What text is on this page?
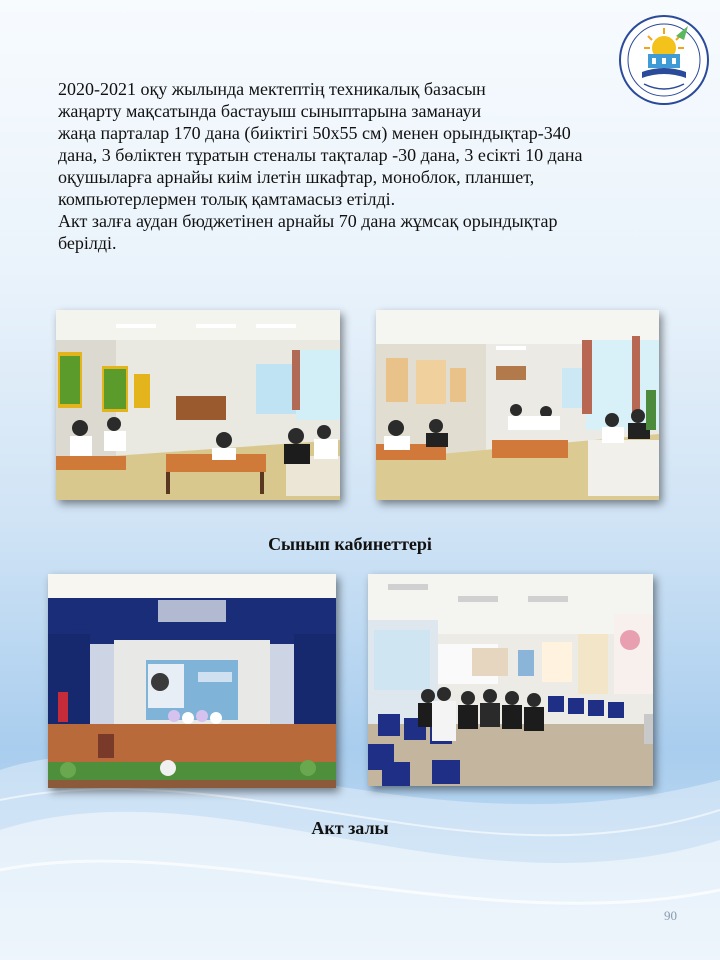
2020-2021 оқу жылында мектептің техникалық базасын
жаңарту мақсатында бастауыш сыныптарына заманауи
жаңа парталар 170 дана (биіктігі 50x55 см) менен орындықтар-340
дана, 3 бөліктен тұратын стеналы тақталар -30 дана, 3 есікті 10 дана
оқушыларға арнайы киім ілетін шкафтар, моноблок, планшет,
компьютерлермен толық қамтамасыз етілді.
Акт залға аудан бюджетінен арнайы 70 дана жұмсақ орындықтар
берілді.
Сынып кабинеттері
Акт залы
90
